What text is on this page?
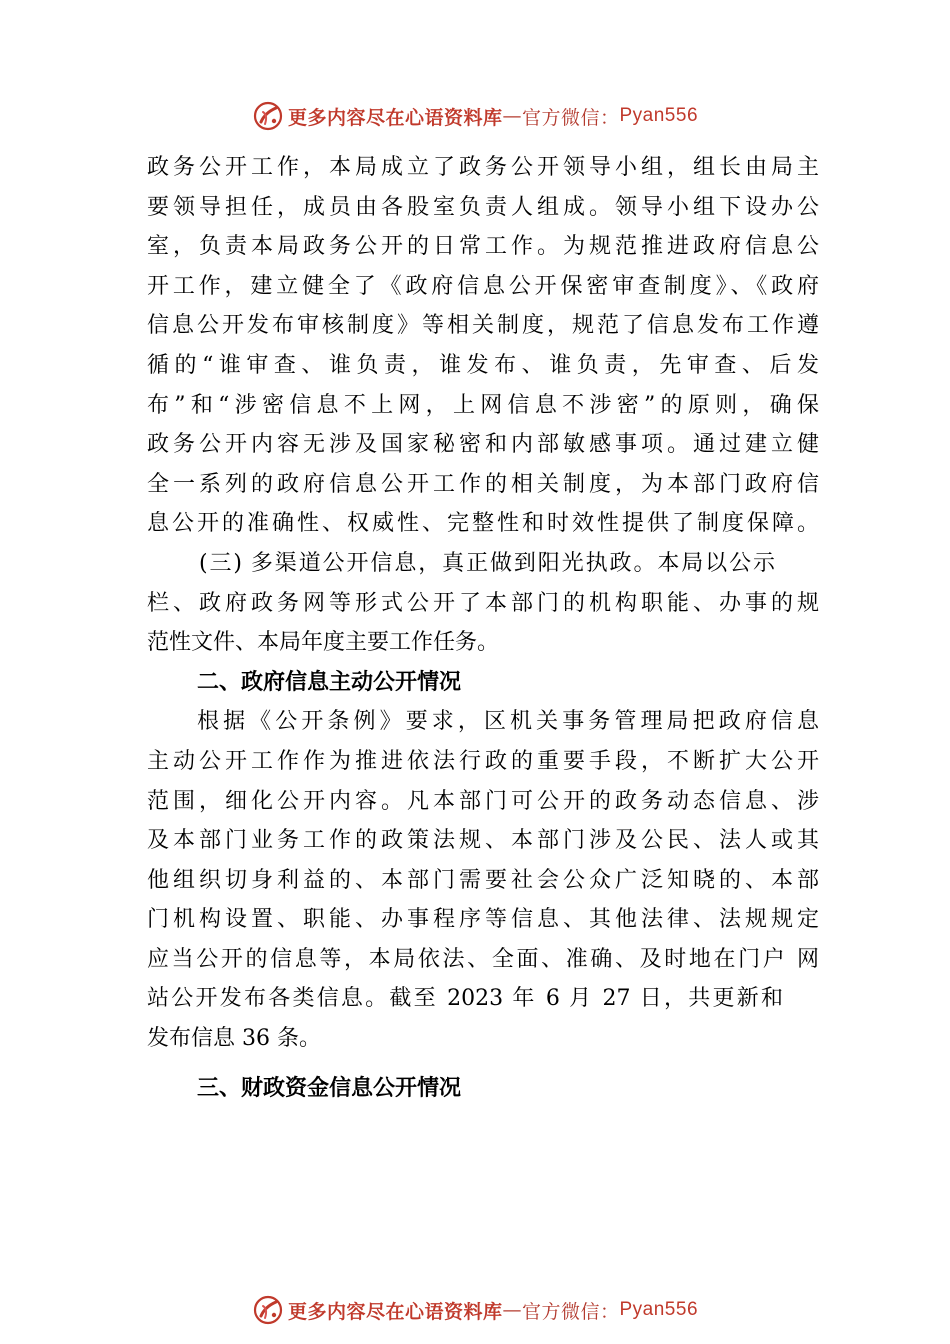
更多内容尽在心语资料库 — 官方微信： Pyan556
政务公开工作，本局成立了政务公开领导小组，组长由局主
要领导担任，成员由各股室负责人组成。领导小组下设办公
室，负责本局政务公开的日常工作。为规范推进政府信息公
开工作，建立健全了《政府信息公开保密审查制度》、《政府
信息公开发布审核制度》等相关制度，规范了信息发布工作遵
循的“谁审查、谁负责，谁发布、谁负责，先审查、后发
布”和“涉密信息不上网，上网信息不涉密”的原则，确保
政务公开内容无涉及国家秘密和内部敏感事项。通过建立健
全一系列的政府信息公开工作的相关制度，为本部门政府信
息公开的准确性、权威性、完整性和时效性提供了制度保障。
(三) 多渠道公开信息，真正做到阳光执政。本局以公示
栏、政府政务网等形式公开了本部门的机构职能、办事的规
范性文件、本局年度主要工作任务。
二、政府信息主动公开情况
根据《公开条例》要求，区机关事务管理局把政府信息
主动公开工作作为推进依法行政的重要手段，不断扩大公开
范围，细化公开内容。凡本部门可公开的政务动态信息、涉
及本部门业务工作的政策法规、本部门涉及公民、法人或其
他组织切身利益的、本部门需要社会公众广泛知晓的、本部
门机构设置、职能、办事程序等信息、其他法律、法规规定
应当公开的信息等，本局依法、全面、准确、及时地在门户 网
站公开发布各类信息。截至 2023 年 6 月 27 日，共更新和
发布信息 36 条。
三、财政资金信息公开情况
更多内容尽在心语资料库 — 官方微信： Pyan556
